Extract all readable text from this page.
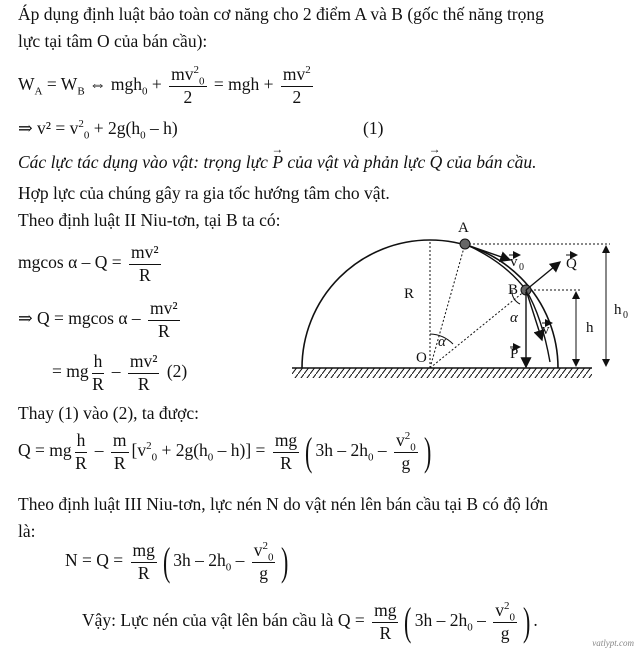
Áp dụng định luật bảo toàn cơ năng cho 2 điểm A và B (gốc thế năng trọng
lực tại tâm O của bán cầu):
$W_A = W_B$ ⇔ $mgh_0 + \frac{mv^2_0}{2}$ = mgh + $\frac{mv^2}{2}$
⇒ $v^2 = v^2_0 + 2g(h_0 - h)$	(1)
Các lực tác dụng vào vật: trọng lực → P của vật và phản lực → Q của bán cầu.
Hợp lực của chúng gây ra gia tốc hướng tâm cho vật.
Theo định luật II Niu-tơn, tại B ta có:
mgcos $\alpha - Q = \frac{\text{mv²}}{R}$
⇒ Q = mgcos α – $\frac{\text{mv²}}{R}$
= mg $\frac{h}{R} - \frac{\text{mv²}}{R} (2)$
Thay (1) vào (2), ta được:
Q = mg $\frac{h}{R} - \frac{m}{R} [v^2_0 + 2g(h_0 - h)] = \frac{mg}{R}$ ( $3h - 2h_0 - \frac{v^2_0}{g}$ )
Theo định luật III Niu-tơn, lực nén N do vật nén lên bán cầu tại B có độ lớn
là:
$N = Q = \frac{mg}{R}$ ( $3h - 2h_0 - \frac{v^2_0}{g}$ )
Vậy: Lực nén của vật lên bán cầu là $Q = \frac{mg}{R}$ ( $3h - 2h_0 - \frac{v^2_0}{g}$ ) .
A
B
O
R
α
α
v 0	Q
v
P
h
h 0
vatlypt.com
